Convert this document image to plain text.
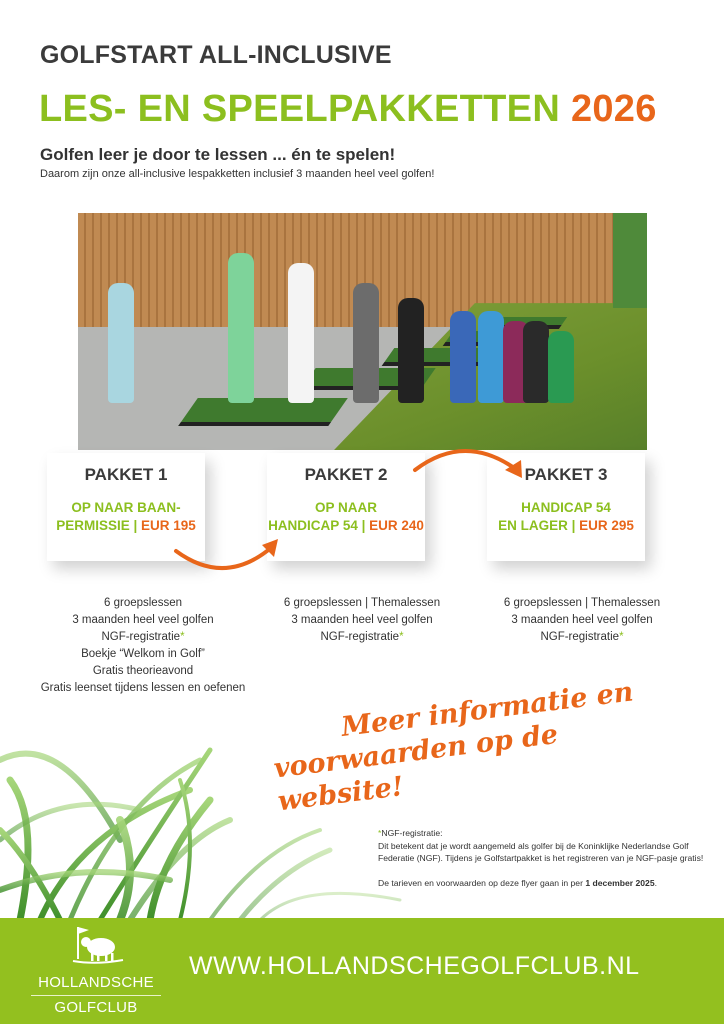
GOLFSTART ALL-INCLUSIVE
LES- EN SPEELPAKKETTEN 2026
Golfen leer je door te lessen ... én te spelen!
Daarom zijn onze all-inclusive lespakketten inclusief 3 maanden heel veel golfen!
PAKKET 1
OP NAAR BAAN-
PERMISSIE | EUR 195
PAKKET 2
OP NAAR
HANDICAP 54 | EUR 240
PAKKET 3
HANDICAP 54
EN LAGER | EUR 295
6 groepslessen
3 maanden heel veel golfen
NGF-registratie*
Boekje “Welkom in Golf”
Gratis theorieavond
Gratis leenset tijdens lessen en oefenen
6 groepslessen | Themalessen
3 maanden heel veel golfen
NGF-registratie*
6 groepslessen | Themalessen
3 maanden heel veel golfen
NGF-registratie*
Meer informatie en
voorwaarden op de website!
*NGF-registratie:
Dit betekent dat je wordt aangemeld als golfer bij de Koninklijke Nederlandse Golf Federatie (NGF). Tijdens je Golfstartpakket is het registreren van je NGF-pasje gratis!
De tarieven en voorwaarden op deze flyer gaan in per 1 december 2025.
HOLLANDSCHE
GOLFCLUB
WWW.HOLLANDSCHEGOLFCLUB.NL
